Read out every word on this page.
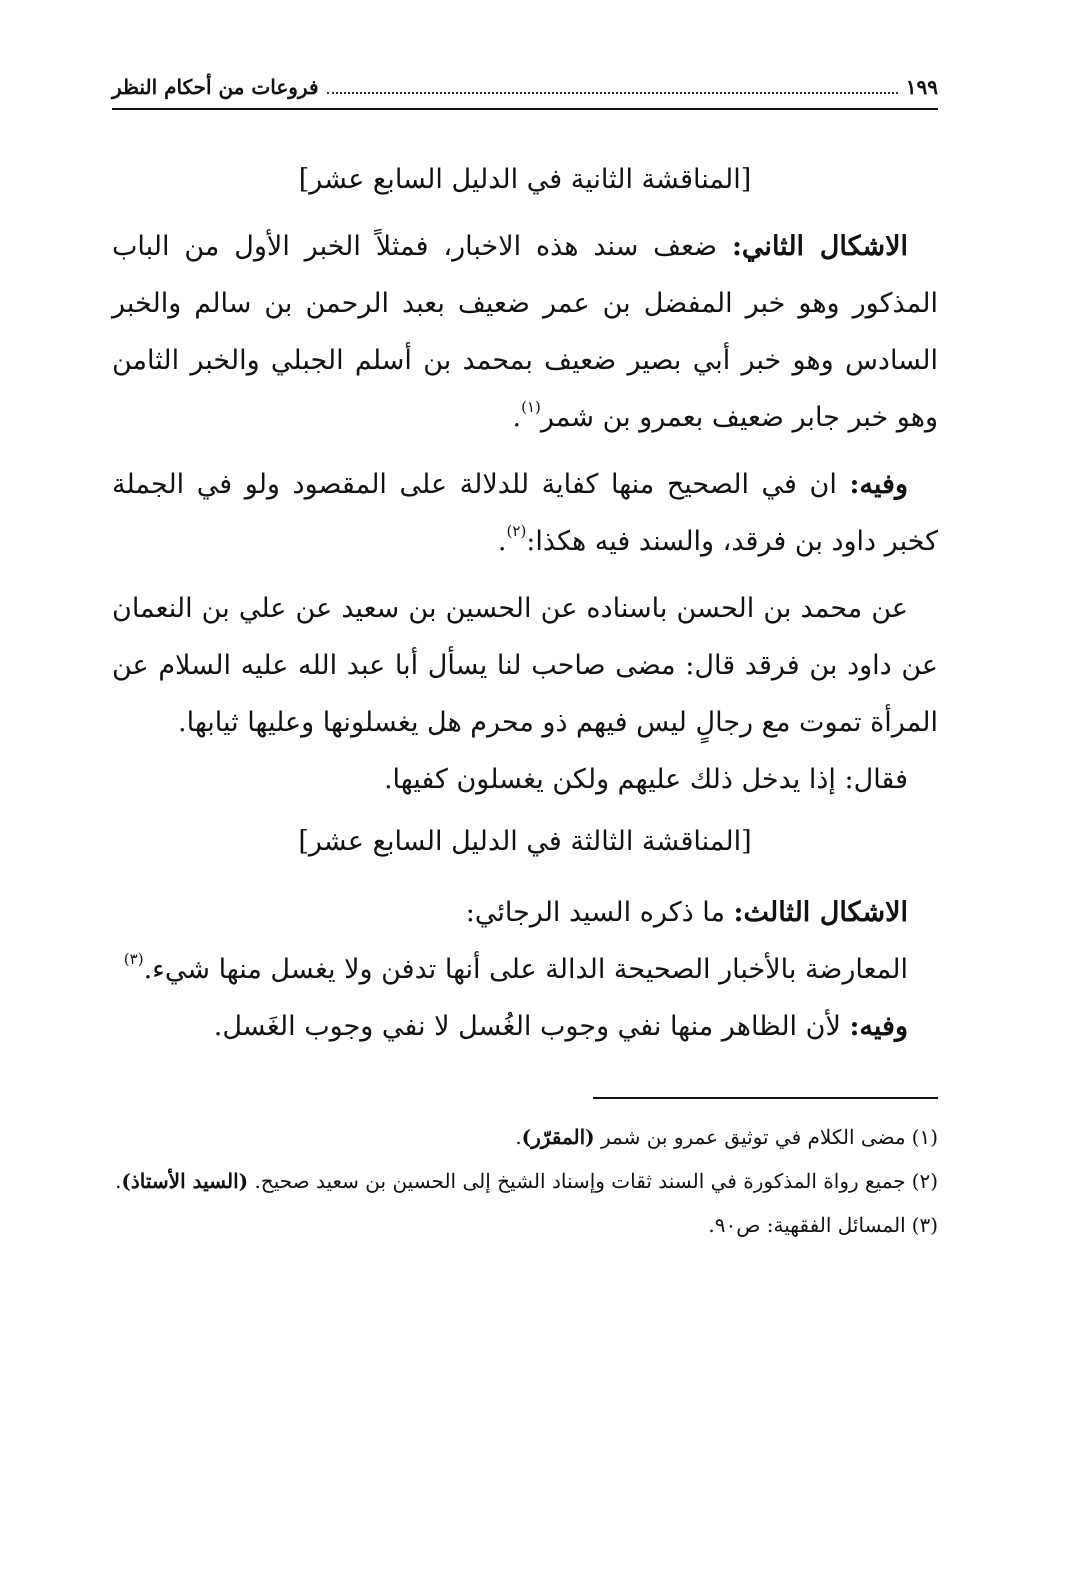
١٩٩
فروعات من أحكام النظر
[المناقشة الثانية في الدليل السابع عشر]

الاشكال الثاني: ضعف سند هذه الاخبار، فمثلاً الخبر الأول من الباب المذكور وهو خبر المفضل بن عمر ضعيف بعبد الرحمن بن سالم والخبر السادس وهو خبر أبي بصير ضعيف بمحمد بن أسلم الجبلي والخبر الثامن وهو خبر جابر ضعيف بعمرو بن شمر$^{(١)}$.

وفيه: ان في الصحيح منها كفاية للدلالة على المقصود ولو في الجملة كخبر داود بن فرقد، والسند فيه هكذا:$^{(٢)}$.

عن محمد بن الحسن باسناده عن الحسين بن سعيد عن علي بن النعمان عن داود بن فرقد قال: مضى صاحب لنا يسأل أبا عبد الله عليه السلام عن المرأة تموت مع رجالٍ ليس فيهم ذو محرم هل يغسلونها وعليها ثيابها.

فقال: إذا يدخل ذلك عليهم ولكن يغسلون كفيها.

[المناقشة الثالثة في الدليل السابع عشر]

الاشكال الثالث: ما ذكره السيد الرجائي:

المعارضة بالأخبار الصحيحة الدالة على أنها تدفن ولا يغسل منها شيء.$^{(٣)}$

وفيه: لأن الظاهر منها نفي وجوب الغُسل لا نفي وجوب الغَسل.

(١)مضى الكلام في توثيق عمرو بن شمر (المقرّر).

(٢)جميع رواة المذكورة في السند ثقات وإسناد الشيخ إلى الحسين بن سعيد صحيح. (السيد الأستاذ).

(٣)المسائل الفقهية: ص٩٠.
